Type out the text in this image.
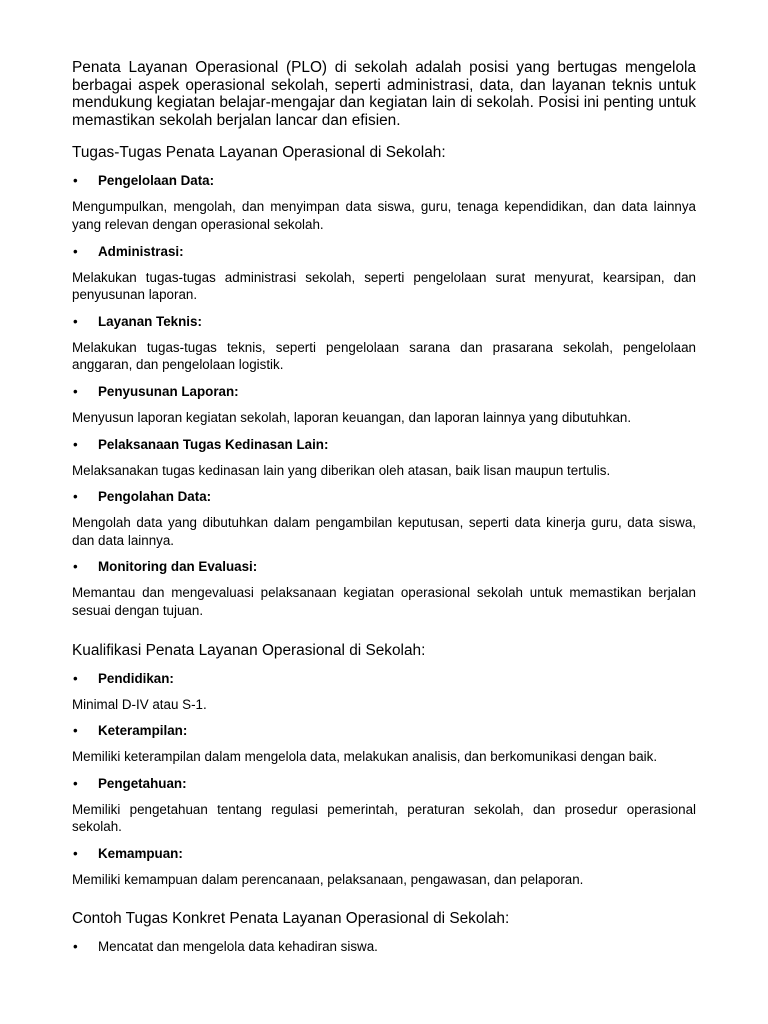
Penata Layanan Operasional (PLO) di sekolah adalah posisi yang bertugas mengelola berbagai aspek operasional sekolah, seperti administrasi, data, dan layanan teknis untuk mendukung kegiatan belajar-mengajar dan kegiatan lain di sekolah. Posisi ini penting untuk memastikan sekolah berjalan lancar dan efisien.

Tugas-Tugas Penata Layanan Operasional di Sekolah:

• Pengelolaan Data:

Mengumpulkan, mengolah, dan menyimpan data siswa, guru, tenaga kependidikan, dan data lainnya yang relevan dengan operasional sekolah.

• Administrasi:

Melakukan tugas-tugas administrasi sekolah, seperti pengelolaan surat menyurat, kearsipan, dan penyusunan laporan.

• Layanan Teknis:

Melakukan tugas-tugas teknis, seperti pengelolaan sarana dan prasarana sekolah, pengelolaan anggaran, dan pengelolaan logistik.

• Penyusunan Laporan:

Menyusun laporan kegiatan sekolah, laporan keuangan, dan laporan lainnya yang dibutuhkan.

• Pelaksanaan Tugas Kedinasan Lain:

Melaksanakan tugas kedinasan lain yang diberikan oleh atasan, baik lisan maupun tertulis.

• Pengolahan Data:

Mengolah data yang dibutuhkan dalam pengambilan keputusan, seperti data kinerja guru, data siswa, dan data lainnya.

• Monitoring dan Evaluasi:

Memantau dan mengevaluasi pelaksanaan kegiatan operasional sekolah untuk memastikan berjalan sesuai dengan tujuan.

Kualifikasi Penata Layanan Operasional di Sekolah:

• Pendidikan:

Minimal D-IV atau S-1.

• Keterampilan:

Memiliki keterampilan dalam mengelola data, melakukan analisis, dan berkomunikasi dengan baik.

• Pengetahuan:

Memiliki pengetahuan tentang regulasi pemerintah, peraturan sekolah, dan prosedur operasional sekolah.

• Kemampuan:

Memiliki kemampuan dalam perencanaan, pelaksanaan, pengawasan, dan pelaporan.

Contoh Tugas Konkret Penata Layanan Operasional di Sekolah:

• Mencatat dan mengelola data kehadiran siswa.
